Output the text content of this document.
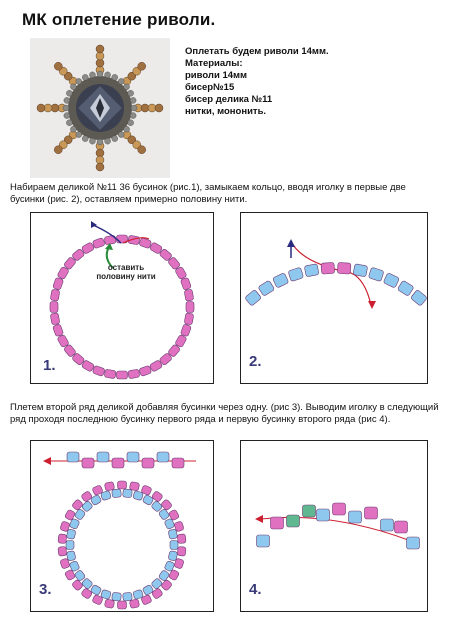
МК оплетение риволи.
Оплетать будем риволи 14мм.
Материалы:
риволи 14мм
бисер№15
бисер делика №11
нитки, мононить.
Набираем деликой №11 36 бусинок (рис.1), замыкаем кольцо, вводя иголку в первые две бусинки (рис. 2), оставляем примерно половину нити.
оставить
половину нити
1.	2.
Плетем второй ряд деликой добавляя бусинки через одну. (рис 3). Выводим иголку в следующий ряд проходя последнюю бусинку первого ряда и первую бусинку второго ряда (рис 4).
3.	4.
